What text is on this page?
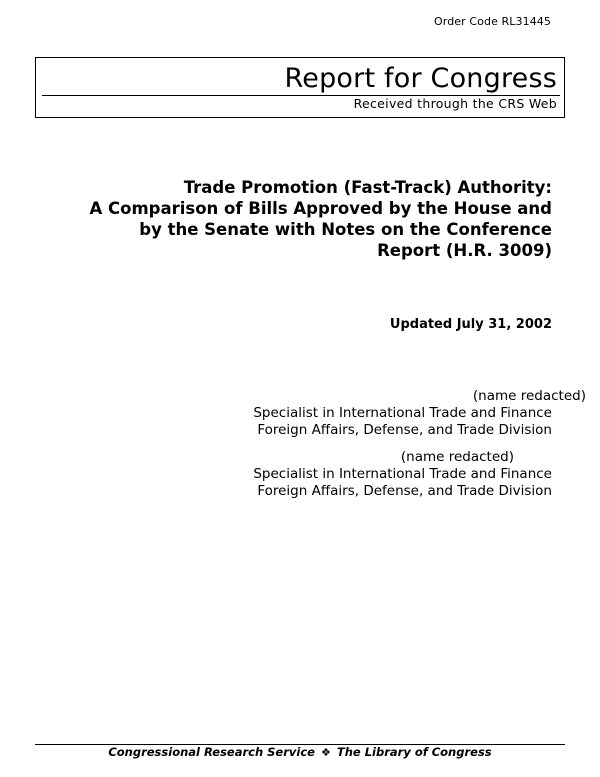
Order Code RL31445
Report for Congress
Received through the CRS Web
Trade Promotion (Fast-Track) Authority:
A Comparison of Bills Approved by the House and
by the Senate with Notes on the Conference
Report (H.R. 3009)
Updated July 31, 2002
(name redacted)
Specialist in International Trade and Finance
Foreign Affairs, Defense, and Trade Division
(name redacted)
Specialist in International Trade and Finance
Foreign Affairs, Defense, and Trade Division
Congressional Research Service ❖ The Library of Congress
